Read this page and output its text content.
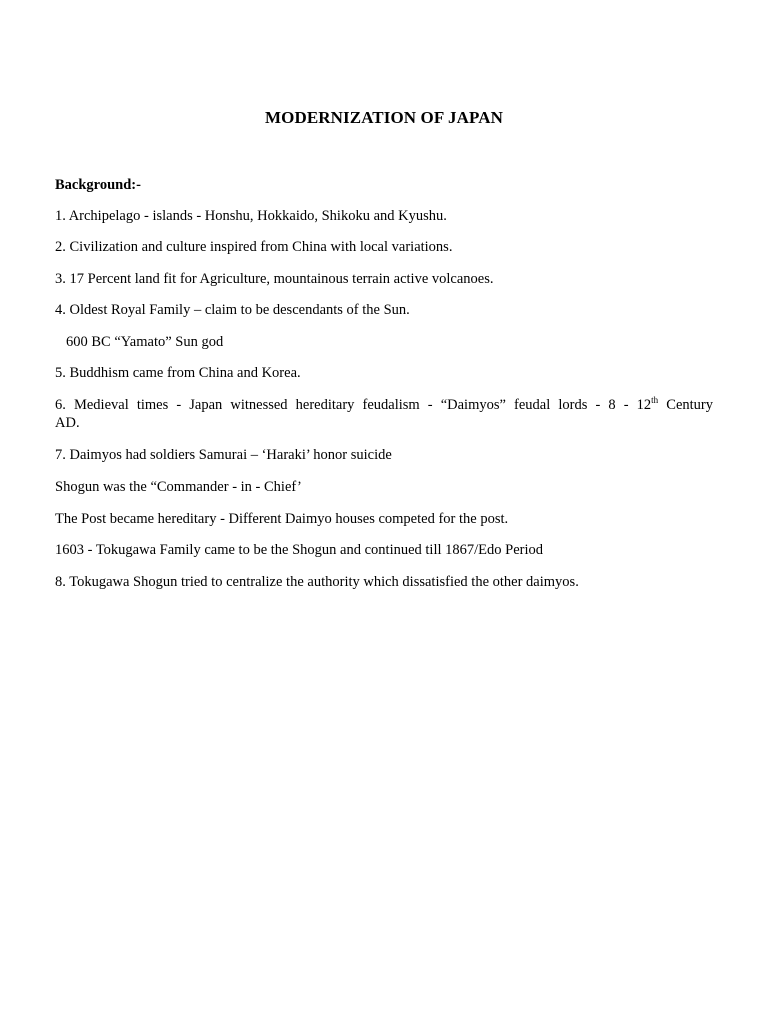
MODERNIZATION OF JAPAN
Background:-
1. Archipelago - islands - Honshu, Hokkaido, Shikoku and Kyushu.
2. Civilization and culture inspired from China with local variations.
3. 17 Percent land fit for Agriculture, mountainous terrain active volcanoes.
4. Oldest Royal Family – claim to be descendants of the Sun.
600 BC “Yamato” Sun god
5. Buddhism came from China and Korea.
6. Medieval times - Japan witnessed hereditary feudalism - “Daimyos” feudal lords - 8 - 12th Century
AD.
7. Daimyos had soldiers Samurai – ‘Haraki’ honor suicide
Shogun was the “Commander - in - Chief’
The Post became hereditary - Different Daimyo houses competed for the post.
1603 - Tokugawa Family came to be the Shogun and continued till 1867/Edo Period
8. Tokugawa Shogun tried to centralize the authority which dissatisfied the other daimyos.
